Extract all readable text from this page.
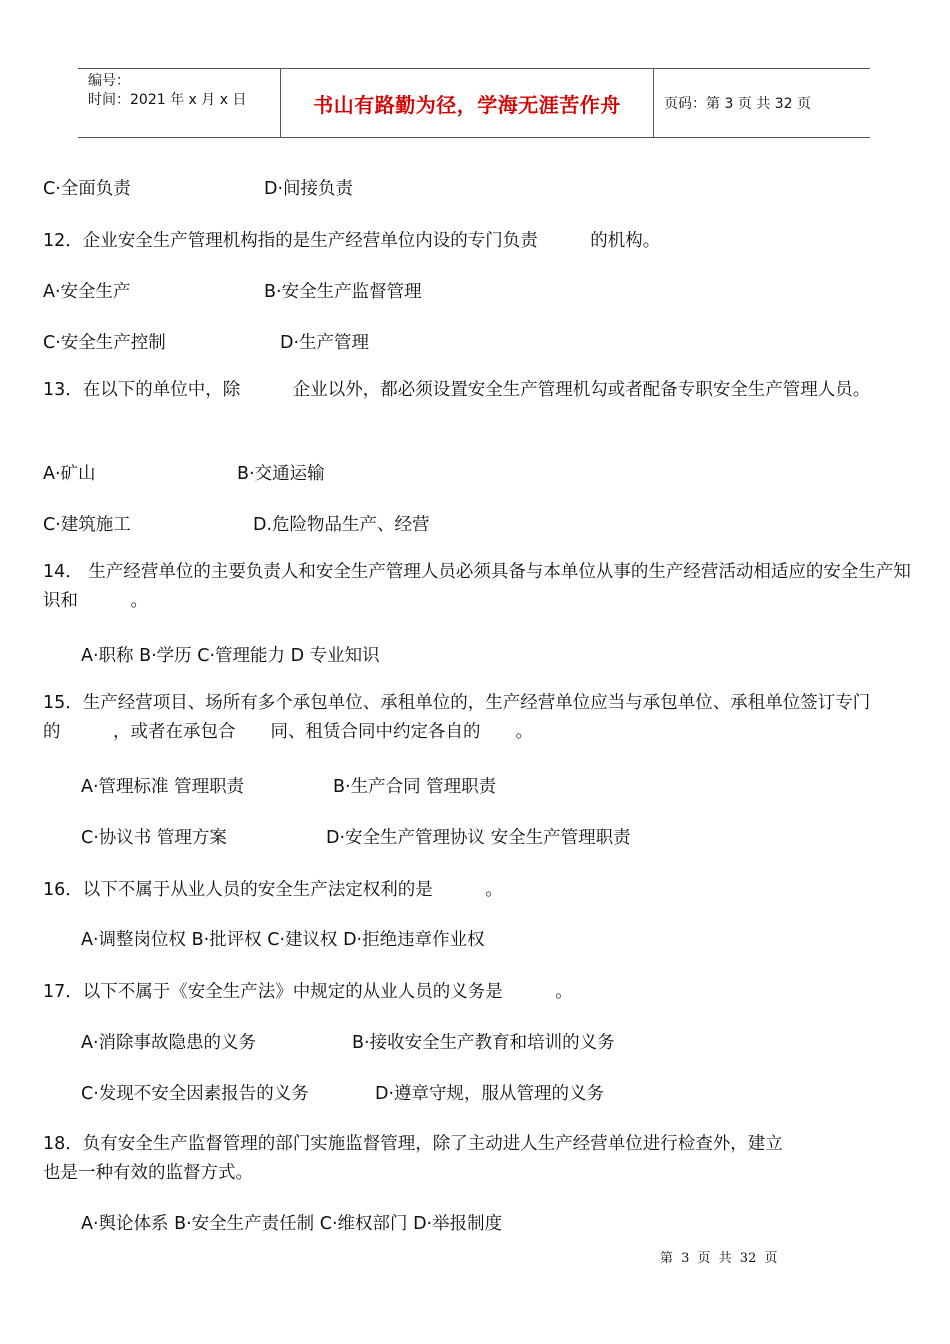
编号：
时间：2021 年 x 月 x 日	书山有路勤为径，学海无涯苦作舟	页码：第 3 页 共 32 页
C·全面负责	D·间接负责
12．企业安全生产管理机构指的是生产经营单位内设的专门负责　　　的机构。
A·安全生产	B·安全生产监督管理
C·安全生产控制	D·生产管理
13．在以下的单位中，除　　　企业以外，都必须设置安全生产管理机勾或者配备专职安全生产管理人员。
A·矿山	B·交通运输
C·建筑施工	D.危险物品生产、经营
14． 生产经营单位的主要负责人和安全生产管理人员必须具备与本单位从事的生产经营活动相适应的安全生产知识和　　　。
A·职称 B·学历 C·管理能力 D 专业知识
15．生产经营项目、场所有多个承包单位、承租单位的，生产经营单位应当与承包单位、承租单位签订专门的　　　，或者在承包合　　同、租赁合同中约定各自的　　。
A·管理标准 管理职责	B·生产合同 管理职责
C·协议书 管理方案	D·安全生产管理协议 安全生产管理职责
16．以下不属于从业人员的安全生产法定权利的是　　　。
A·调整岗位权 B·批评权 C·建议权 D·拒绝违章作业权
17．以下不属于《安全生产法》中规定的从业人员的义务是　　　。
A·消除事故隐患的义务	B·接收安全生产教育和培训的义务
C·发现不安全因素报告的义务	D·遵章守规，服从管理的义务
18．负有安全生产监督管理的部门实施监督管理，除了主动进人生产经营单位进行检查外，建立
也是一种有效的监督方式。
A·舆论体系 B·安全生产责任制 C·维权部门 D·举报制度
第 3 页 共 32 页
